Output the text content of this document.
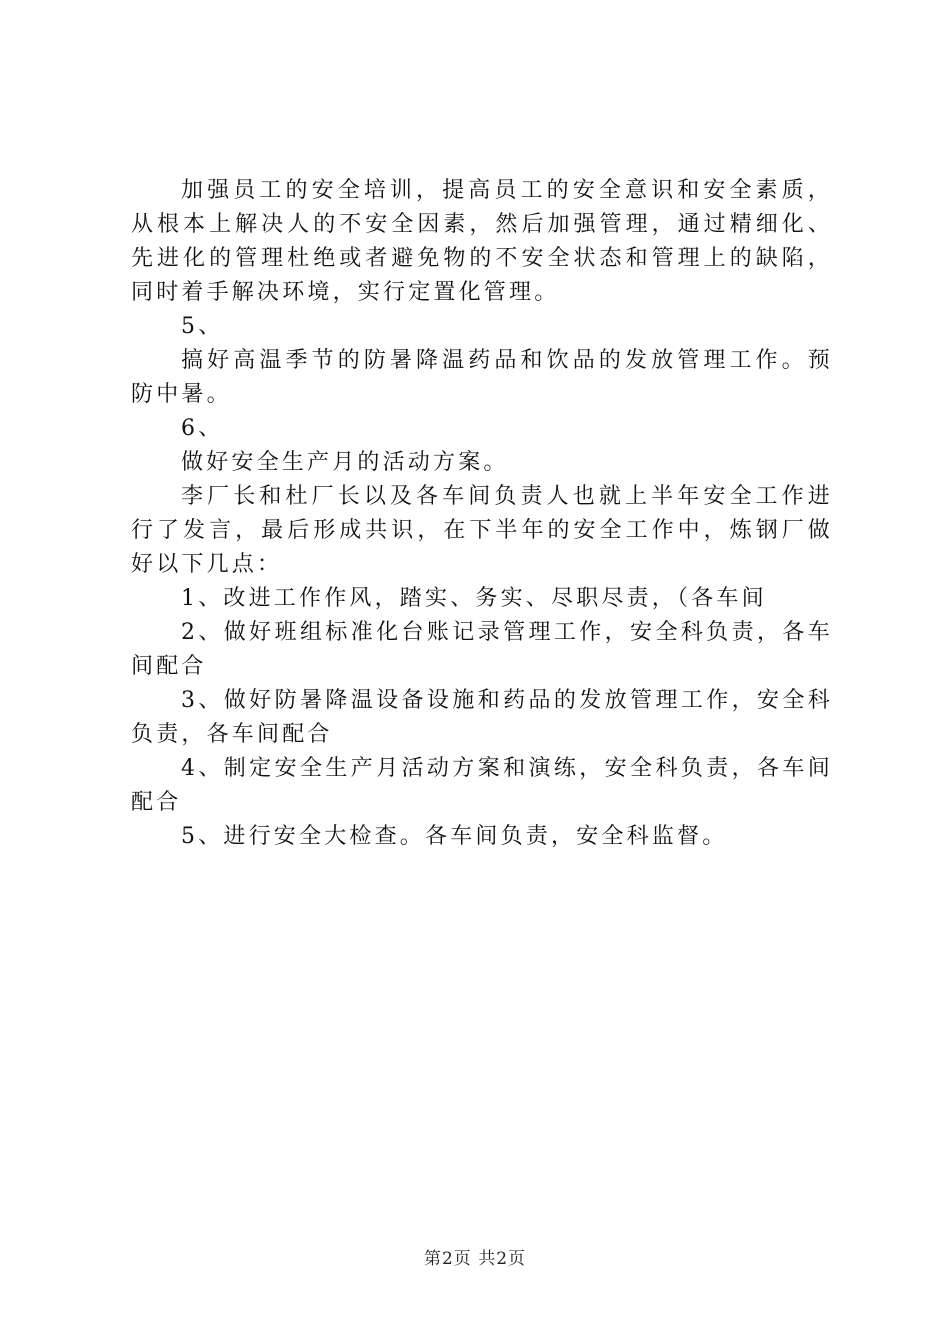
加强员工的安全培训，提高员工的安全意识和安全素质，从根本上解决人的不安全因素，然后加强管理，通过精细化、先进化的管理杜绝或者避免物的不安全状态和管理上的缺陷，同时着手解决环境，实行定置化管理。

5、

搞好高温季节的防暑降温药品和饮品的发放管理工作。预防中暑。

6、

做好安全生产月的活动方案。

李厂长和杜厂长以及各车间负责人也就上半年安全工作进行了发言，最后形成共识，在下半年的安全工作中，炼钢厂做好以下几点：

1、改进工作作风，踏实、务实、尽职尽责，（各车间

2、做好班组标准化台账记录管理工作，安全科负责，各车间配合

3、做好防暑降温设备设施和药品的发放管理工作，安全科负责，各车间配合

4、制定安全生产月活动方案和演练，安全科负责，各车间配合

5、进行安全大检查。各车间负责，安全科监督。

第2页 共2页
